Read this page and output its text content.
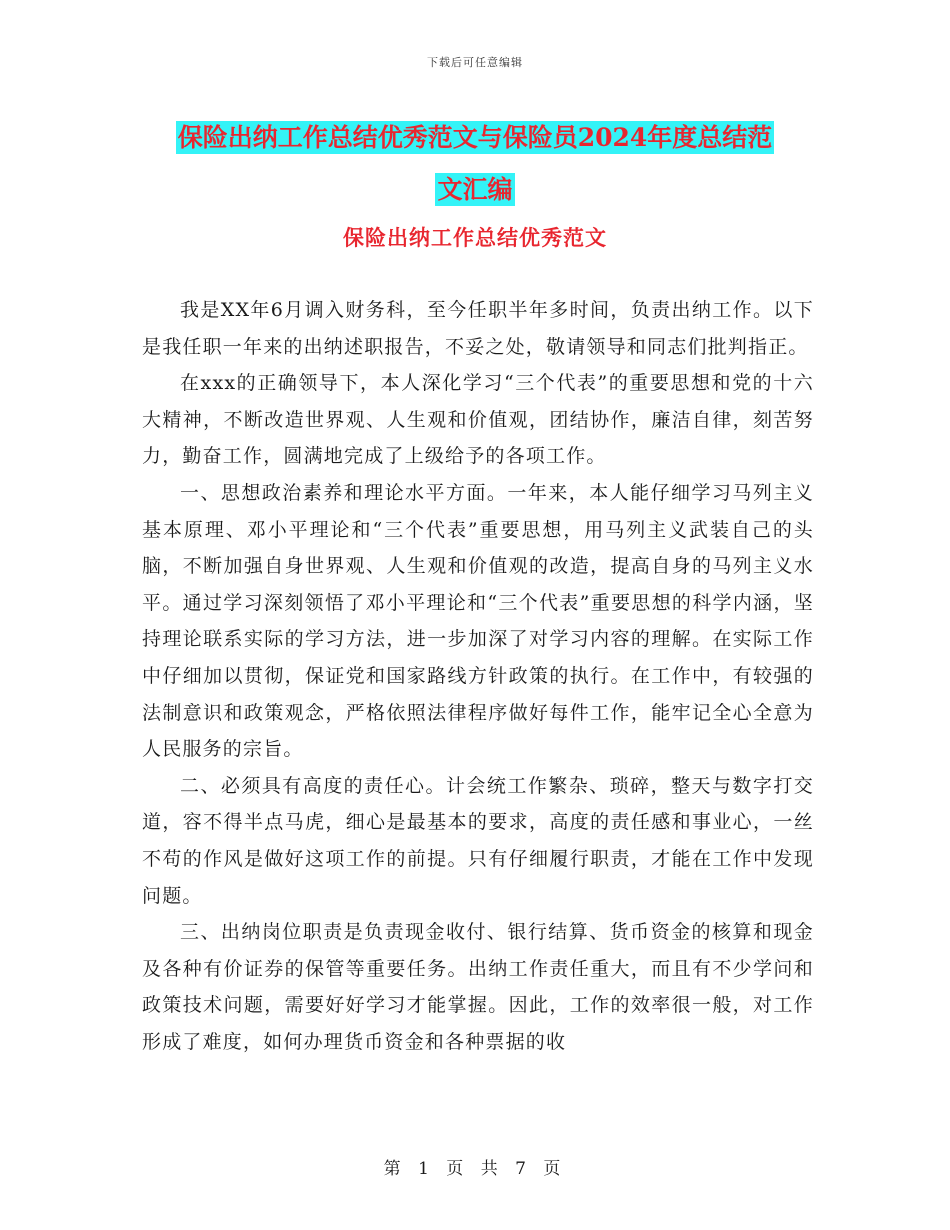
下载后可任意编辑
保险出纳工作总结优秀范文与保险员2024年度总结范
文汇编
保险出纳工作总结优秀范文

我是XX年6月调入财务科，至今任职半年多时间，负责出纳工作。以下是我任职一年来的出纳述职报告，不妥之处，敬请领导和同志们批判指正。

在xxx的正确领导下，本人深化学习“三个代表”的重要思想和党的十六大精神，不断改造世界观、人生观和价值观，团结协作，廉洁自律，刻苦努力，勤奋工作，圆满地完成了上级给予的各项工作。

一、思想政治素养和理论水平方面。一年来，本人能仔细学习马列主义基本原理、邓小平理论和“三个代表”重要思想，用马列主义武装自己的头脑，不断加强自身世界观、人生观和价值观的改造，提高自身的马列主义水平。通过学习深刻领悟了邓小平理论和“三个代表”重要思想的科学内涵，坚持理论联系实际的学习方法，进一步加深了对学习内容的理解。在实际工作中仔细加以贯彻，保证党和国家路线方针政策的执行。在工作中，有较强的法制意识和政策观念，严格依照法律程序做好每件工作，能牢记全心全意为人民服务的宗旨。

二、必须具有高度的责任心。计会统工作繁杂、琐碎，整天与数字打交道，容不得半点马虎，细心是最基本的要求，高度的责任感和事业心，一丝不苟的作风是做好这项工作的前提。只有仔细履行职责，才能在工作中发现问题。

三、出纳岗位职责是负责现金收付、银行结算、货币资金的核算和现金及各种有价证券的保管等重要任务。出纳工作责任重大，而且有不少学问和政策技术问题，需要好好学习才能掌握。因此，工作的效率很一般，对工作形成了难度，如何办理货币资金和各种票据的收

第 1 页 共 7 页
